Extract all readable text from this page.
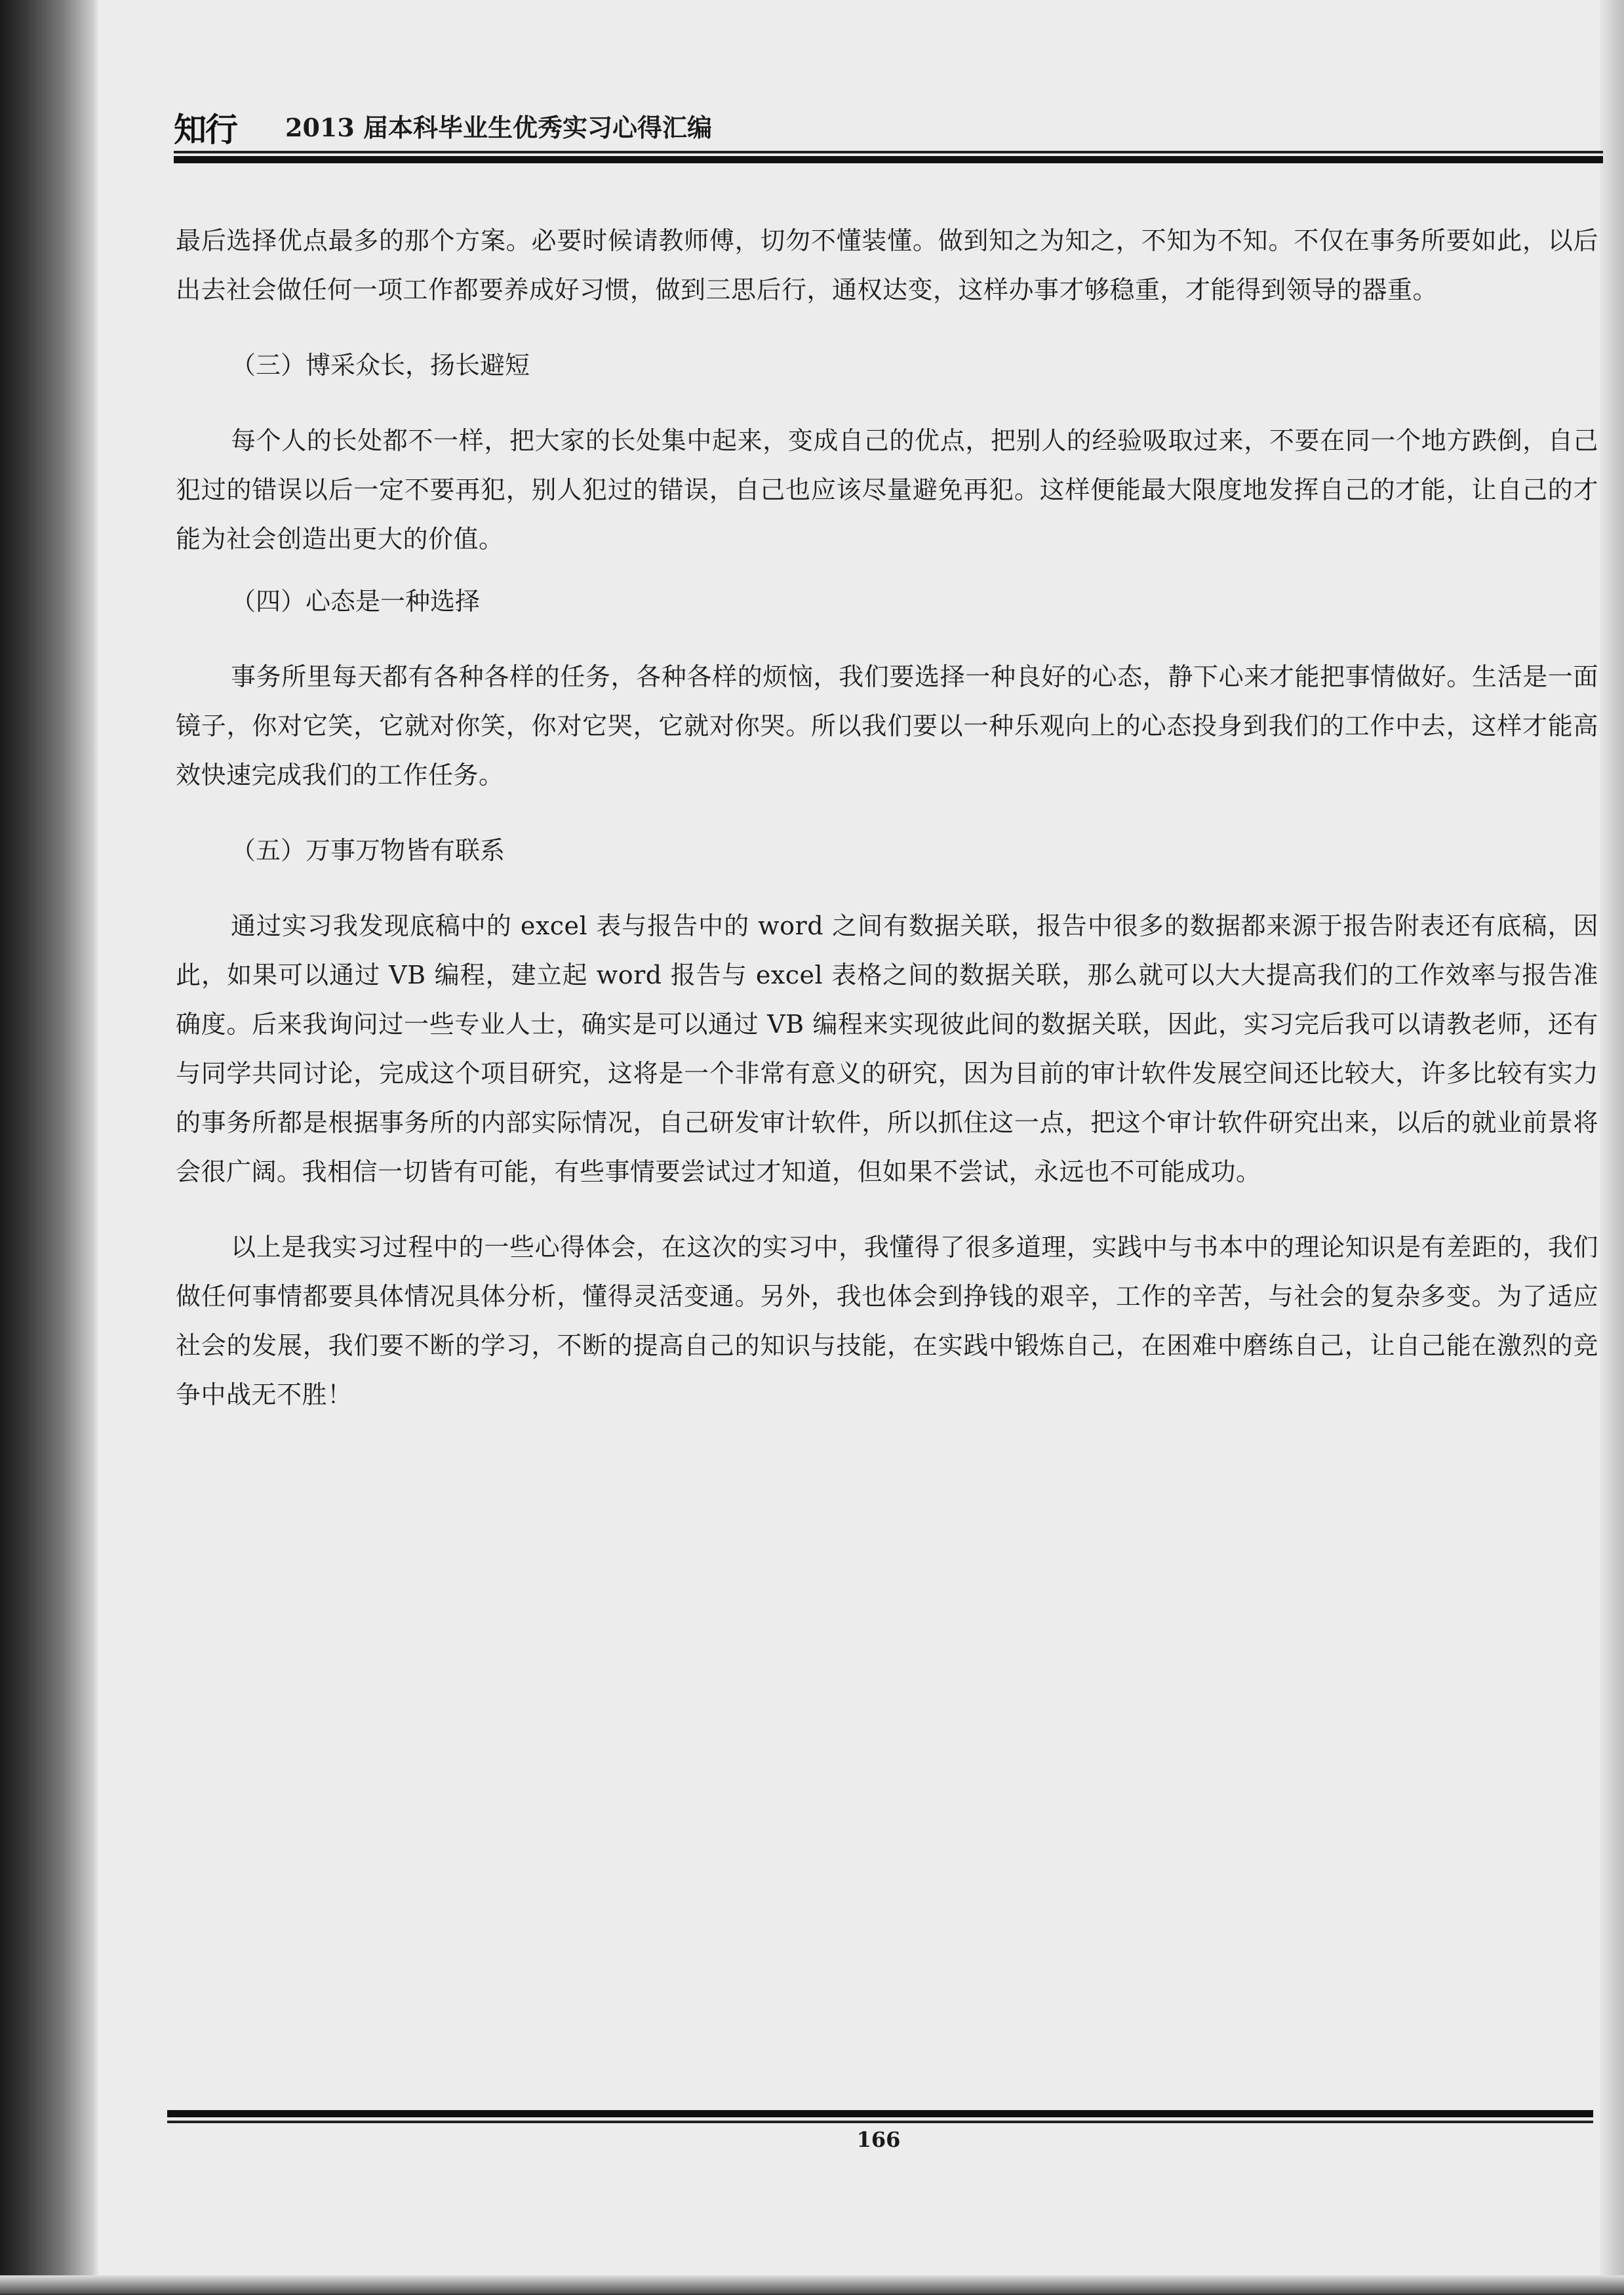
知行 2013 届本科毕业生优秀实习心得汇编

最后选择优点最多的那个方案。必要时候请教师傅，切勿不懂装懂。做到知之为知之，不知为不知。不仅在事务所要如此，以后出去社会做任何一项工作都要养成好习惯，做到三思后行，通权达变，这样办事才够稳重，才能得到领导的器重。

（三）博采众长，扬长避短

每个人的长处都不一样，把大家的长处集中起来，变成自己的优点，把别人的经验吸取过来，不要在同一个地方跌倒，自己犯过的错误以后一定不要再犯，别人犯过的错误，自己也应该尽量避免再犯。这样便能最大限度地发挥自己的才能，让自己的才能为社会创造出更大的价值。

（四）心态是一种选择

事务所里每天都有各种各样的任务，各种各样的烦恼，我们要选择一种良好的心态，静下心来才能把事情做好。生活是一面镜子，你对它笑，它就对你笑，你对它哭，它就对你哭。所以我们要以一种乐观向上的心态投身到我们的工作中去，这样才能高效快速完成我们的工作任务。

（五）万事万物皆有联系

通过实习我发现底稿中的 excel 表与报告中的 word 之间有数据关联，报告中很多的数据都来源于报告附表还有底稿，因此，如果可以通过 VB 编程，建立起 word 报告与 excel 表格之间的数据关联，那么就可以大大提高我们的工作效率与报告准确度。后来我询问过一些专业人士，确实是可以通过 VB 编程来实现彼此间的数据关联，因此，实习完后我可以请教老师，还有与同学共同讨论，完成这个项目研究，这将是一个非常有意义的研究，因为目前的审计软件发展空间还比较大，许多比较有实力的事务所都是根据事务所的内部实际情况，自己研发审计软件，所以抓住这一点，把这个审计软件研究出来，以后的就业前景将会很广阔。我相信一切皆有可能，有些事情要尝试过才知道，但如果不尝试，永远也不可能成功。

以上是我实习过程中的一些心得体会，在这次的实习中，我懂得了很多道理，实践中与书本中的理论知识是有差距的，我们做任何事情都要具体情况具体分析，懂得灵活变通。另外，我也体会到挣钱的艰辛，工作的辛苦，与社会的复杂多变。为了适应社会的发展，我们要不断的学习，不断的提高自己的知识与技能，在实践中锻炼自己，在困难中磨练自己，让自己能在激烈的竞争中战无不胜！

166
